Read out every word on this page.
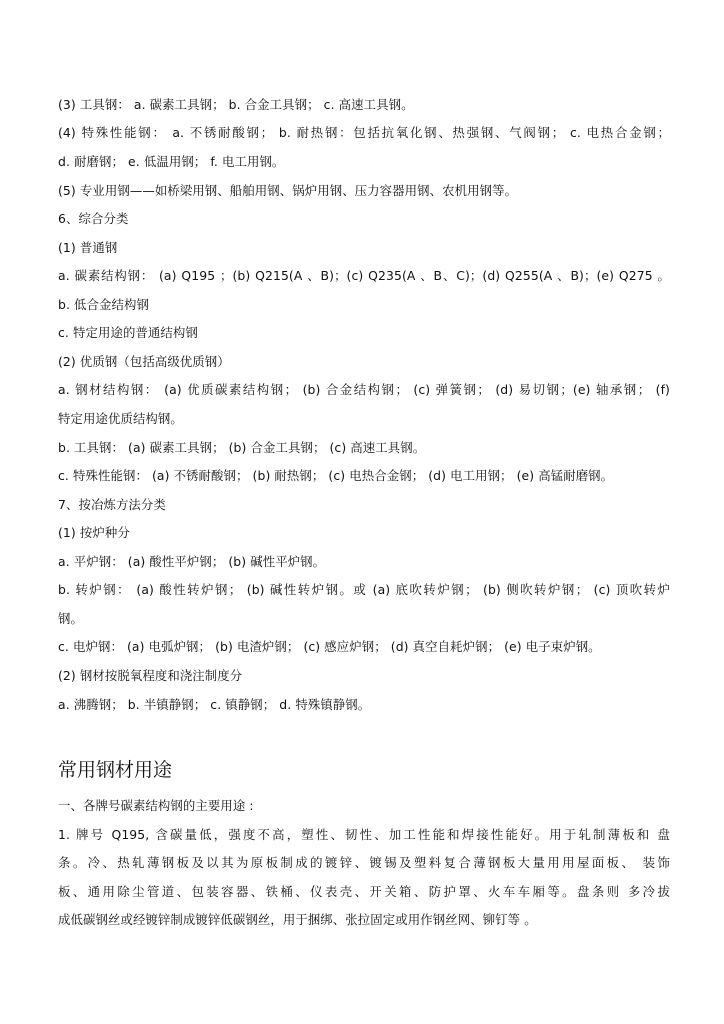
(3) 工具钢： a. 碳素工具钢； b. 合金工具钢； c. 高速工具钢。
(4) 特殊性能钢： a. 不锈耐酸钢； b. 耐热钢：包括抗氧化钢、热强钢、气阀钢； c. 电热合金钢；
d. 耐磨钢； e. 低温用钢； f. 电工用钢。
(5) 专业用钢——如桥梁用钢、船舶用钢、锅炉用钢、压力容器用钢、农机用钢等。
6、综合分类
(1) 普通钢
a. 碳素结构钢： (a) Q195 ；(b) Q215(A 、B)；(c) Q235(A 、B、C)；(d) Q255(A 、B)；(e) Q275 。
b. 低合金结构钢
c. 特定用途的普通结构钢
(2) 优质钢（包括高级优质钢）
a. 钢材结构钢： (a) 优质碳素结构钢； (b) 合金结构钢； (c) 弹簧钢； (d) 易切钢；(e) 轴承钢； (f)
特定用途优质结构钢。
b. 工具钢： (a) 碳素工具钢； (b) 合金工具钢； (c) 高速工具钢。
c. 特殊性能钢： (a) 不锈耐酸钢； (b) 耐热钢； (c) 电热合金钢； (d) 电工用钢； (e) 高锰耐磨钢。
7、按冶炼方法分类
(1) 按炉种分
a. 平炉钢： (a) 酸性平炉钢； (b) 碱性平炉钢。
b. 转炉钢： (a) 酸性转炉钢； (b) 碱性转炉钢。或 (a) 底吹转炉钢； (b) 侧吹转炉钢； (c) 顶吹转炉
钢。
c. 电炉钢： (a) 电弧炉钢； (b) 电渣炉钢； (c) 感应炉钢； (d) 真空自耗炉钢； (e) 电子束炉钢。
(2) 钢材按脱氧程度和浇注制度分
a. 沸腾钢； b. 半镇静钢； c. 镇静钢； d. 特殊镇静钢。
常用钢材用途
一、各牌号碳素结构钢的主要用途 :
1. 牌号 Q195, 含碳量低，强度不高，塑性、韧性、加工性能和焊接性能好。用于轧制薄板和 盘
条。冷、热轧薄钢板及以其为原板制成的镀锌、镀锡及塑料复合薄钢板大量用用屋面板、 装饰
板、通用除尘管道、包装容器、铁桶、仪表壳、开关箱、防护罩、火车车厢等。盘条则 多冷拔
成低碳钢丝或经镀锌制成镀锌低碳钢丝，用于捆绑、张拉固定或用作钢丝网、铆钉等 。
